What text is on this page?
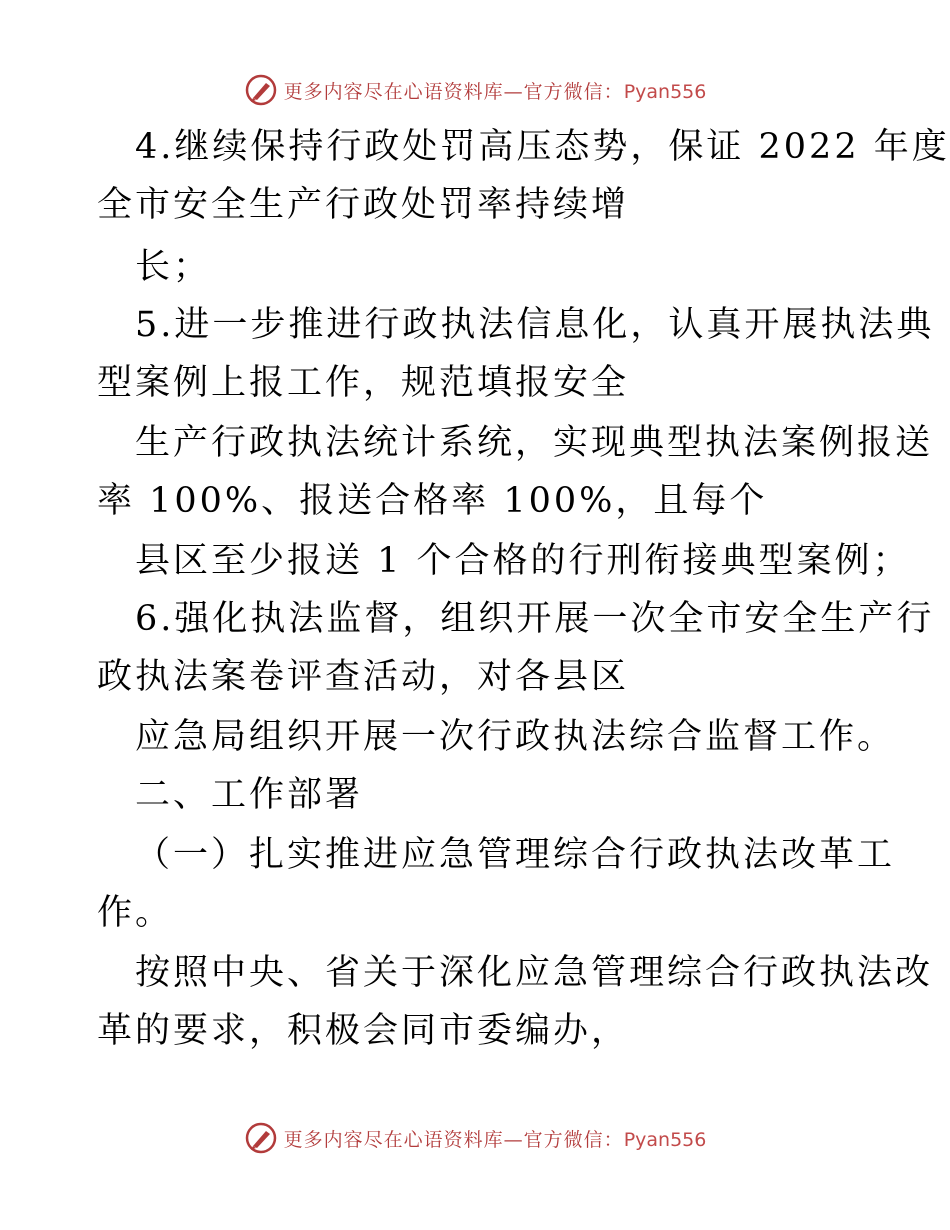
更多内容尽在心语资料库—官方微信：Pyan556
4.继续保持行政处罚高压态势，保证 2022 年度
全市安全生产行政处罚率持续增
长；
5.进一步推进行政执法信息化，认真开展执法典
型案例上报工作，规范填报安全
生产行政执法统计系统，实现典型执法案例报送
率 100%、报送合格率 100%，且每个
县区至少报送 1 个合格的行刑衔接典型案例；
6.强化执法监督，组织开展一次全市安全生产行
政执法案卷评查活动，对各县区
应急局组织开展一次行政执法综合监督工作。
二、工作部署
（一）扎实推进应急管理综合行政执法改革工
作。
按照中央、省关于深化应急管理综合行政执法改
革的要求，积极会同市委编办，
更多内容尽在心语资料库—官方微信：Pyan556
